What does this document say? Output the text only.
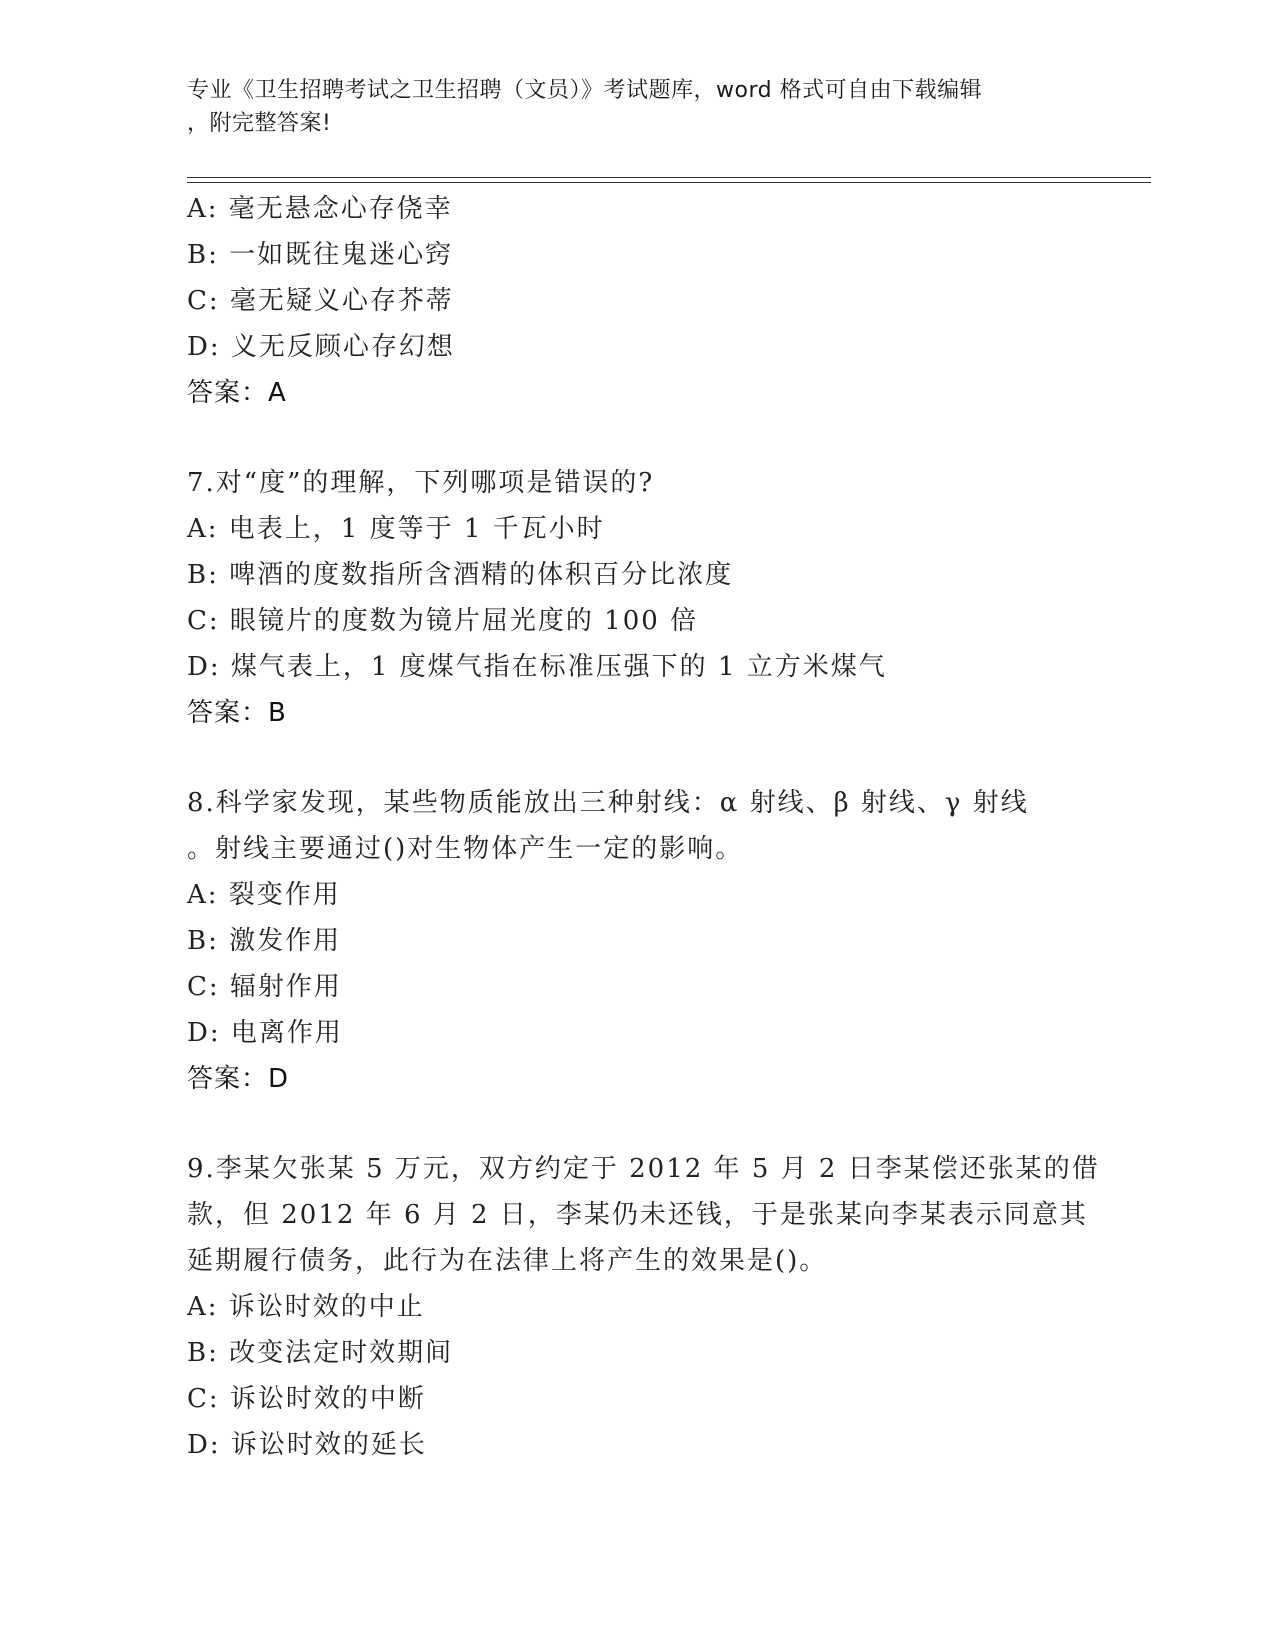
专业《卫生招聘考试之卫生招聘（文员）》考试题库，word 格式可自由下载编辑
，附完整答案!
A: 毫无悬念心存侥幸
B: 一如既往鬼迷心窍
C: 毫无疑义心存芥蒂
D: 义无反顾心存幻想
答案：A
7.对“度”的理解，下列哪项是错误的?
A: 电表上，1 度等于 1 千瓦小时
B: 啤酒的度数指所含酒精的体积百分比浓度
C: 眼镜片的度数为镜片屈光度的 100 倍
D: 煤气表上，1 度煤气指在标准压强下的 1 立方米煤气
答案：B
8.科学家发现，某些物质能放出三种射线：α 射线、β 射线、γ 射线
。射线主要通过()对生物体产生一定的影响。
A: 裂变作用
B: 激发作用
C: 辐射作用
D: 电离作用
答案：D
9.李某欠张某 5 万元，双方约定于 2012 年 5 月 2 日李某偿还张某的借
款，但 2012 年 6 月 2 日，李某仍未还钱，于是张某向李某表示同意其
延期履行债务，此行为在法律上将产生的效果是()。
A: 诉讼时效的中止
B: 改变法定时效期间
C: 诉讼时效的中断
D: 诉讼时效的延长
